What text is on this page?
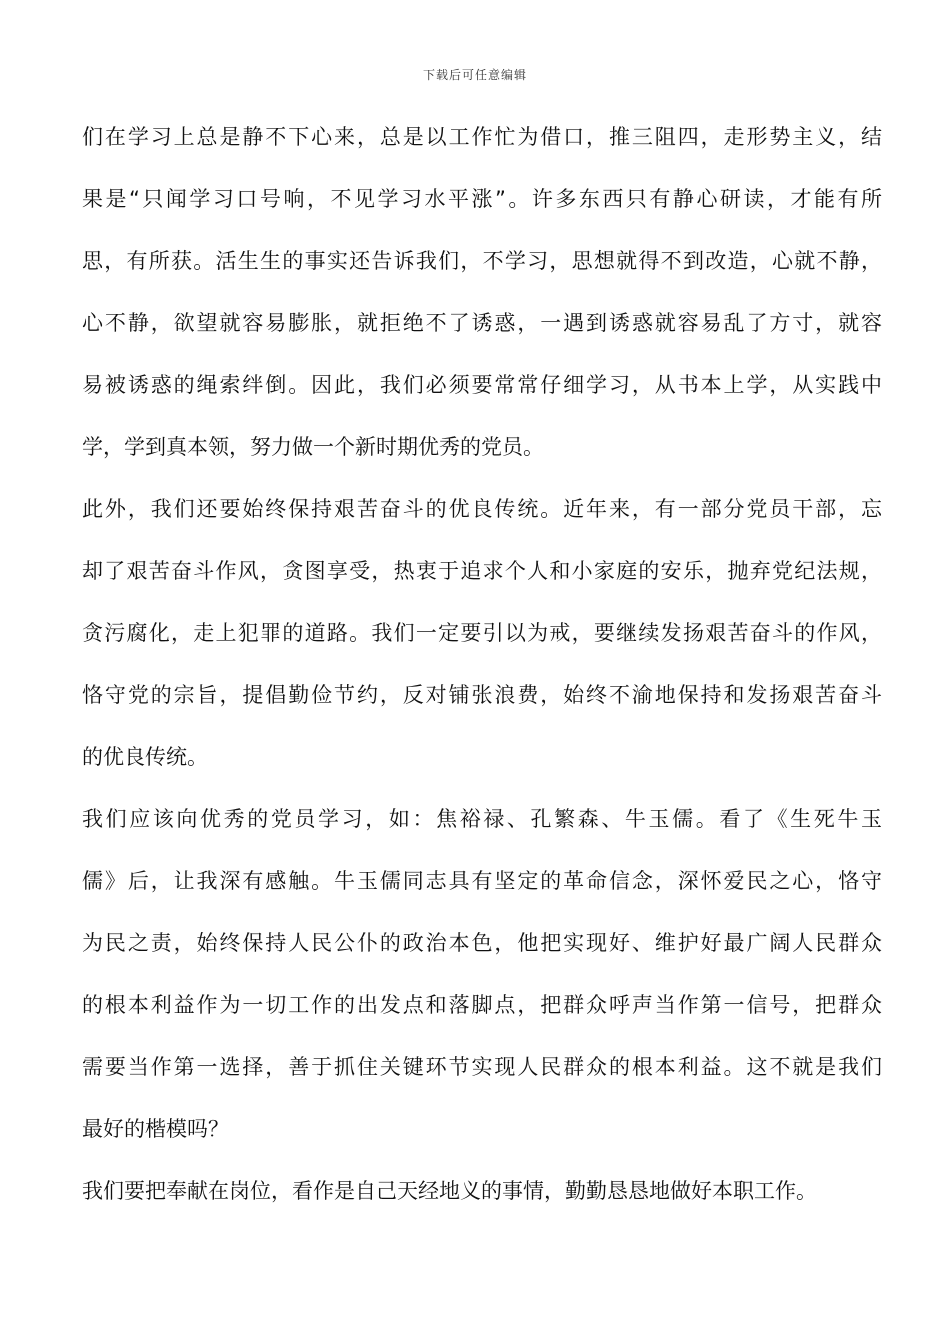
下载后可任意编辑
们在学习上总是静不下心来，总是以工作忙为借口，推三阻四，走形势主义，结
果是“只闻学习口号响，不见学习水平涨”。许多东西只有静心研读，才能有所
思，有所获。活生生的事实还告诉我们，不学习，思想就得不到改造，心就不静，
心不静，欲望就容易膨胀，就拒绝不了诱惑，一遇到诱惑就容易乱了方寸，就容
易被诱惑的绳索绊倒。因此，我们必须要常常仔细学习，从书本上学，从实践中
学，学到真本领，努力做一个新时期优秀的党员。
此外，我们还要始终保持艰苦奋斗的优良传统。近年来，有一部分党员干部，忘
却了艰苦奋斗作风，贪图享受，热衷于追求个人和小家庭的安乐，抛弃党纪法规，
贪污腐化，走上犯罪的道路。我们一定要引以为戒，要继续发扬艰苦奋斗的作风，
恪守党的宗旨，提倡勤俭节约，反对铺张浪费，始终不渝地保持和发扬艰苦奋斗
的优良传统。
我们应该向优秀的党员学习，如：焦裕禄、孔繁森、牛玉儒。看了《生死牛玉
儒》后，让我深有感触。牛玉儒同志具有坚定的革命信念，深怀爱民之心，恪守
为民之责，始终保持人民公仆的政治本色，他把实现好、维护好最广阔人民群众
的根本利益作为一切工作的出发点和落脚点，把群众呼声当作第一信号，把群众
需要当作第一选择，善于抓住关键环节实现人民群众的根本利益。这不就是我们
最好的楷模吗？
我们要把奉献在岗位，看作是自己天经地义的事情，勤勤恳恳地做好本职工作。
